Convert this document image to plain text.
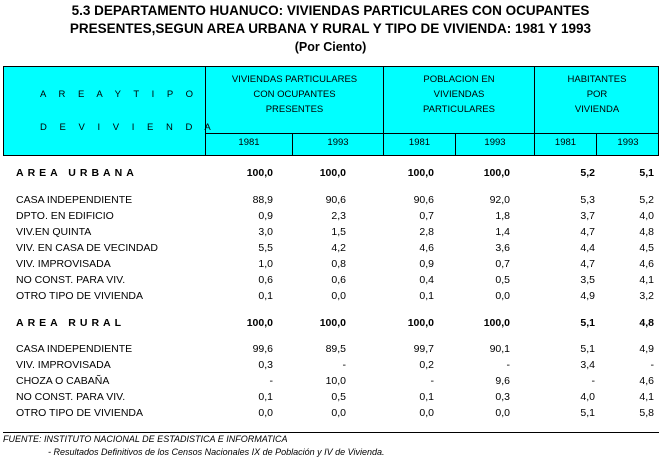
5.3 DEPARTAMENTO HUANUCO: VIVIENDAS PARTICULARES CON OCUPANTES
PRESENTES,SEGUN AREA URBANA Y RURAL Y TIPO DE VIVIENDA: 1981 Y 1993
(Por Ciento)
A R E A Y T I P O
D E V I V I E N D A
VIVIENDAS PARTICULARES
CON OCUPANTES
PRESENTES
POBLACION EN
VIVIENDAS
PARTICULARES
HABITANTES
POR
VIVIENDA
1981	1993	1981	1993	1981	1993
AREA URBANA	100,0	100,0	100,0	100,0	5,2	5,1
CASA INDEPENDIENTE	88,9	90,6	90,6	92,0	5,3	5,2
DPTO. EN EDIFICIO	0,9	2,3	0,7	1,8	3,7	4,0
VIV.EN QUINTA	3,0	1,5	2,8	1,4	4,7	4,8
VIV. EN CASA DE VECINDAD	5,5	4,2	4,6	3,6	4,4	4,5
VIV. IMPROVISADA	1,0	0,8	0,9	0,7	4,7	4,6
NO CONST. PARA VIV.	0,6	0,6	0,4	0,5	3,5	4,1
OTRO TIPO DE VIVIENDA	0,1	0,0	0,1	0,0	4,9	3,2
AREA RURAL	100,0	100,0	100,0	100,0	5,1	4,8
CASA INDEPENDIENTE	99,6	89,5	99,7	90,1	5,1	4,9
VIV. IMPROVISADA	0,3	-	0,2	-	3,4	-
CHOZA O CABAÑA	-	10,0	-	9,6	-	4,6
NO CONST. PARA VIV.	0,1	0,5	0,1	0,3	4,0	4,1
OTRO TIPO DE VIVIENDA	0,0	0,0	0,0	0,0	5,1	5,8
FUENTE: INSTITUTO NACIONAL DE ESTADISTICA E INFORMATICA
- Resultados Definitivos de los Censos Nacionales IX de Población y IV de Vivienda.
